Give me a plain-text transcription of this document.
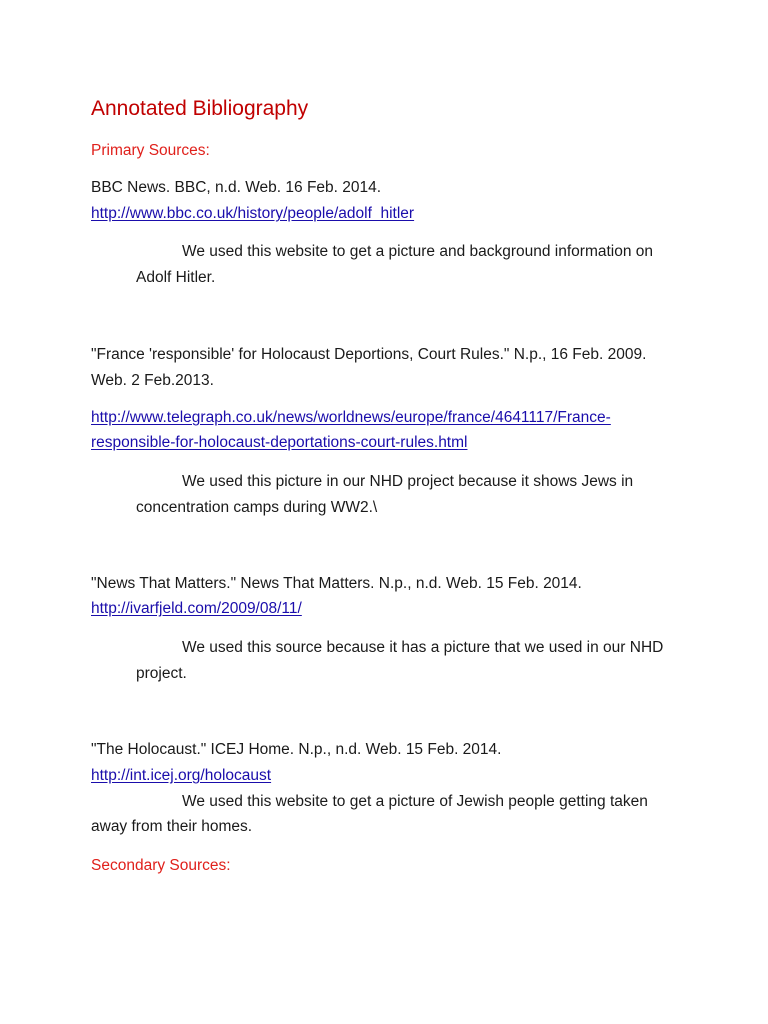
Annotated Bibliography
Primary Sources:
BBC News. BBC, n.d. Web. 16 Feb. 2014.
http://www.bbc.co.uk/history/people/adolf_hitler
We used this website to get a picture and background information on
Adolf Hitler.
"France 'responsible' for Holocaust Deportions, Court Rules." N.p., 16 Feb. 2009.
Web. 2 Feb.2013.
http://www.telegraph.co.uk/news/worldnews/europe/france/4641117/France-
responsible-for-holocaust-deportations-court-rules.html
We used this picture in our NHD project because it shows Jews in
concentration camps during WW2.\
"News That Matters." News That Matters. N.p., n.d. Web. 15 Feb. 2014.
http://ivarfjeld.com/2009/08/11/
We used this source because it has a picture that we used in our NHD
project.
"The Holocaust." ICEJ Home. N.p., n.d. Web. 15 Feb. 2014.
http://int.icej.org/holocaust
We used this website to get a picture of Jewish people getting taken
away from their homes.
Secondary Sources:
